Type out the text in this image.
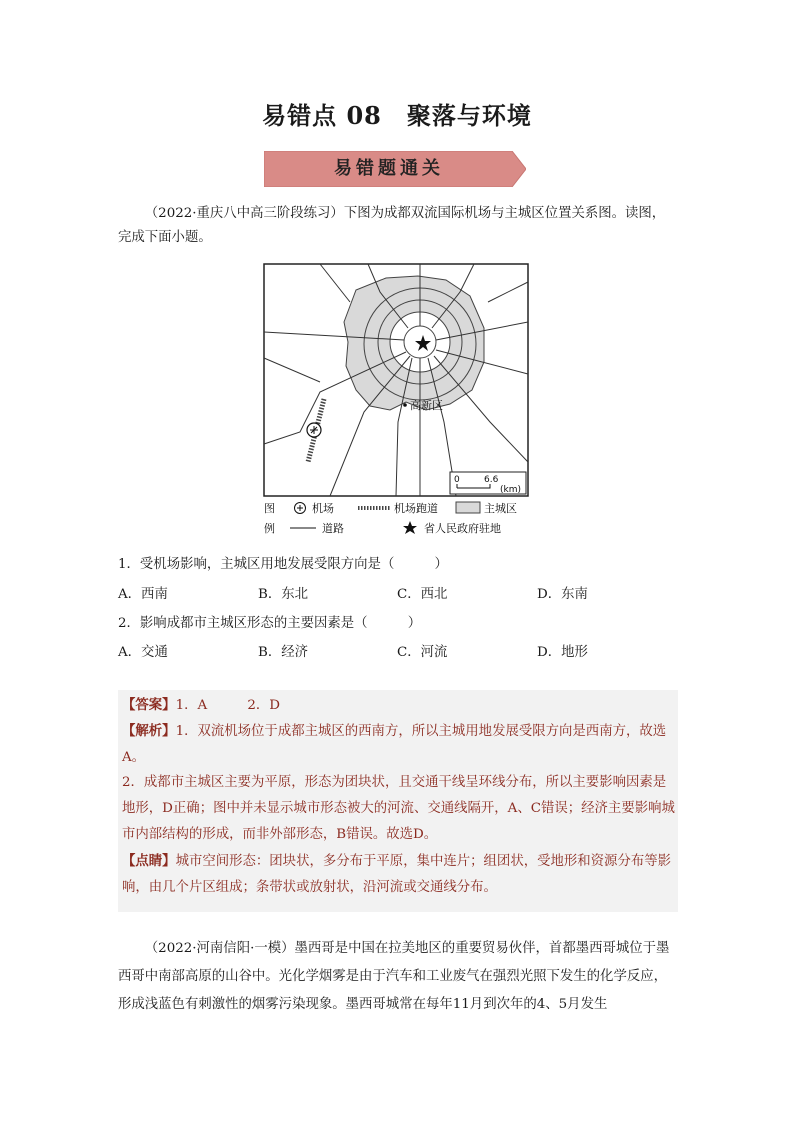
易错点 08　聚落与环境
易错题通关
（2022·重庆八中高三阶段练习）下图为成都双流国际机场与主城区位置关系图。读图，完成下面小题。
高新区
0	6.6
(km)
图
例
机场	机场跑道	主城区
道路	省人民政府驻地
1．受机场影响，主城区用地发展受限方向是（　　　）
A．西南	B．东北	C．西北	D．东南
2．影响成都市主城区形态的主要因素是（　　　）
A．交通	B．经济	C．河流	D．地形
【答案】1．A　　　2．D
【解析】1．双流机场位于成都主城区的西南方，所以主城用地发展受限方向是西南方，故选A。
2．成都市主城区主要为平原，形态为团块状，且交通干线呈环线分布，所以主要影响因素是地形，D正确；图中并未显示城市形态被大的河流、交通线隔开，A、C错误；经济主要影响城市内部结构的形成，而非外部形态，B错误。故选D。
【点睛】城市空间形态：团块状，多分布于平原，集中连片；组团状，受地形和资源分布等影响，由几个片区组成；条带状或放射状，沿河流或交通线分布。
（2022·河南信阳·一模）墨西哥是中国在拉美地区的重要贸易伙伴，首都墨西哥城位于墨西哥中南部高原的山谷中。光化学烟雾是由于汽车和工业废气在强烈光照下发生的化学反应，形成浅蓝色有刺激性的烟雾污染现象。墨西哥城常在每年11月到次年的4、5月发生
